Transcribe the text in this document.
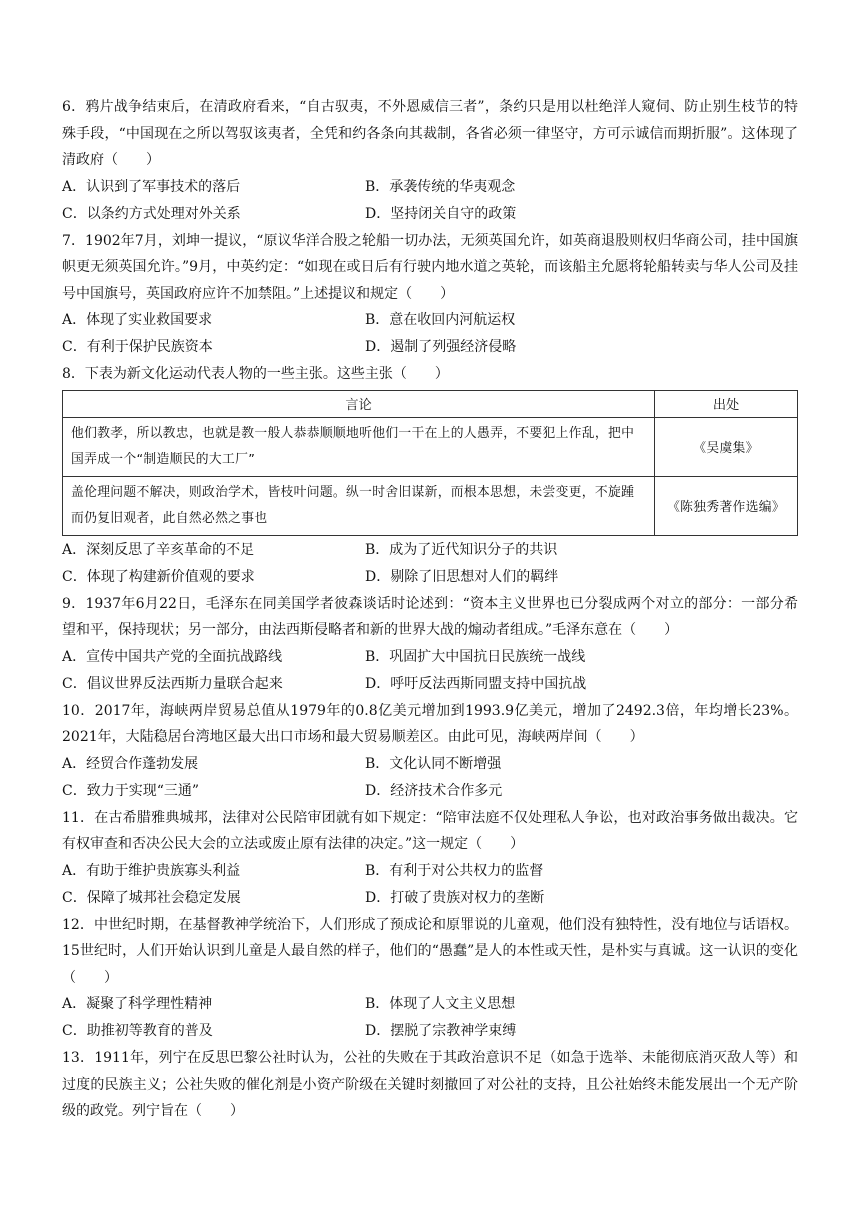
6．鸦片战争结束后，在清政府看来，“自古驭夷，不外恩威信三者”，条约只是用以杜绝洋人窥伺、防止别生枝节的特殊手段，“中国现在之所以驾驭该夷者，全凭和约各条向其裁制，各省必须一律坚守，方可示诚信而期折服”。这体现了清政府（　　）

A．认识到了军事技术的落后	B．承袭传统的华夷观念
C．以条约方式处理对外关系	D．坚持闭关自守的政策

7．1902年7月，刘坤一提议，“原议华洋合股之轮船一切办法，无须英国允许，如英商退股则权归华商公司，挂中国旗帜更无须英国允许。”9月，中英约定：“如现在或日后有行驶内地水道之英轮，而该船主允愿将轮船转卖与华人公司及挂号中国旗号，英国政府应许不加禁阻。”上述提议和规定（　　）

A．体现了实业救国要求	B．意在收回内河航运权
C．有利于保护民族资本	D．遏制了列强经济侵略

8．下表为新文化运动代表人物的一些主张。这些主张（　　）

言论	出处
他们教孝，所以教忠，也就是教一般人恭恭顺顺地听他们一干在上的人愚弄，不要犯上作乱，把中国弄成一个“制造顺民的大工厂”	《吴虞集》
盖伦理问题不解决，则政治学术，皆枝叶问题。纵一时舍旧谋新，而根本思想，未尝变更，不旋踵而仍复旧观者，此自然必然之事也	《陈独秀著作选编》
A．深刻反思了辛亥革命的不足	B．成为了近代知识分子的共识
C．体现了构建新价值观的要求	D．剔除了旧思想对人们的羁绊

9．1937年6月22日，毛泽东在同美国学者彼森谈话时论述到：“资本主义世界也已分裂成两个对立的部分：一部分希望和平，保持现状；另一部分，由法西斯侵略者和新的世界大战的煽动者组成。”毛泽东意在（　　）

A．宣传中国共产党的全面抗战路线	B．巩固扩大中国抗日民族统一战线
C．倡议世界反法西斯力量联合起来	D．呼吁反法西斯同盟支持中国抗战

10．2017年，海峡两岸贸易总值从1979年的0.8亿美元增加到1993.9亿美元，增加了2492.3倍，年均增长23%。2021年，大陆稳居台湾地区最大出口市场和最大贸易顺差区。由此可见，海峡两岸间（　　）

A．经贸合作蓬勃发展	B．文化认同不断增强
C．致力于实现“三通”	D．经济技术合作多元

11．在古希腊雅典城邦，法律对公民陪审团就有如下规定：“陪审法庭不仅处理私人争讼，也对政治事务做出裁决。它有权审查和否决公民大会的立法或废止原有法律的决定。”这一规定（　　）

A．有助于维护贵族寡头利益	B．有利于对公共权力的监督
C．保障了城邦社会稳定发展	D．打破了贵族对权力的垄断

12．中世纪时期，在基督教神学统治下，人们形成了预成论和原罪说的儿童观，他们没有独特性，没有地位与话语权。15世纪时，人们开始认识到儿童是人最自然的样子，他们的“愚蠢”是人的本性或天性，是朴实与真诚。这一认识的变化（　　）

A．凝聚了科学理性精神	B．体现了人文主义思想
C．助推初等教育的普及	D．摆脱了宗教神学束缚

13．1911年，列宁在反思巴黎公社时认为，公社的失败在于其政治意识不足（如急于选举、未能彻底消灭敌人等）和过度的民族主义；公社失败的催化剂是小资产阶级在关键时刻撤回了对公社的支持，且公社始终未能发展出一个无产阶级的政党。列宁旨在（　　）
